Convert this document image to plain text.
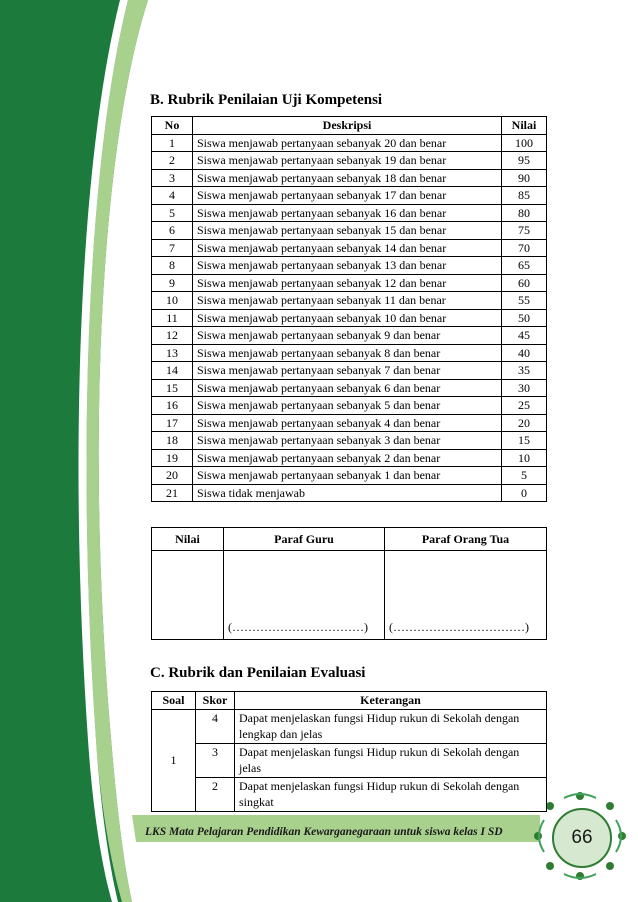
B. Rubrik Penilaian Uji Kompetensi
No	Deskripsi	Nilai
1	Siswa menjawab pertanyaan sebanyak 20 dan benar	100
2	Siswa menjawab pertanyaan sebanyak 19 dan benar	95
3	Siswa menjawab pertanyaan sebanyak 18 dan benar	90
4	Siswa menjawab pertanyaan sebanyak 17 dan benar	85
5	Siswa menjawab pertanyaan sebanyak 16 dan benar	80
6	Siswa menjawab pertanyaan sebanyak 15 dan benar	75
7	Siswa menjawab pertanyaan sebanyak 14 dan benar	70
8	Siswa menjawab pertanyaan sebanyak 13 dan benar	65
9	Siswa menjawab pertanyaan sebanyak 12 dan benar	60
10	Siswa menjawab pertanyaan sebanyak 11 dan benar	55
11	Siswa menjawab pertanyaan sebanyak 10 dan benar	50
12	Siswa menjawab pertanyaan sebanyak 9 dan benar	45
13	Siswa menjawab pertanyaan sebanyak 8 dan benar	40
14	Siswa menjawab pertanyaan sebanyak 7 dan benar	35
15	Siswa menjawab pertanyaan sebanyak 6 dan benar	30
16	Siswa menjawab pertanyaan sebanyak 5 dan benar	25
17	Siswa menjawab pertanyaan sebanyak 4 dan benar	20
18	Siswa menjawab pertanyaan sebanyak 3 dan benar	15
19	Siswa menjawab pertanyaan sebanyak 2 dan benar	10
20	Siswa menjawab pertanyaan sebanyak 1 dan benar	5
21	Siswa tidak menjawab	0
Nilai	Paraf Guru	Paraf Orang Tua
	(……………………………)	(……………………………)
C. Rubrik dan Penilaian Evaluasi
Soal	Skor	Keterangan
1	4	Dapat menjelaskan fungsi Hidup rukun di Sekolah dengan lengkap dan jelas
	3	Dapat menjelaskan fungsi Hidup rukun di Sekolah dengan jelas
	2	Dapat menjelaskan fungsi Hidup rukun di Sekolah dengan singkat
LKS Mata Pelajaran Pendidikan Kewarganegaraan untuk siswa kelas I SD	66
